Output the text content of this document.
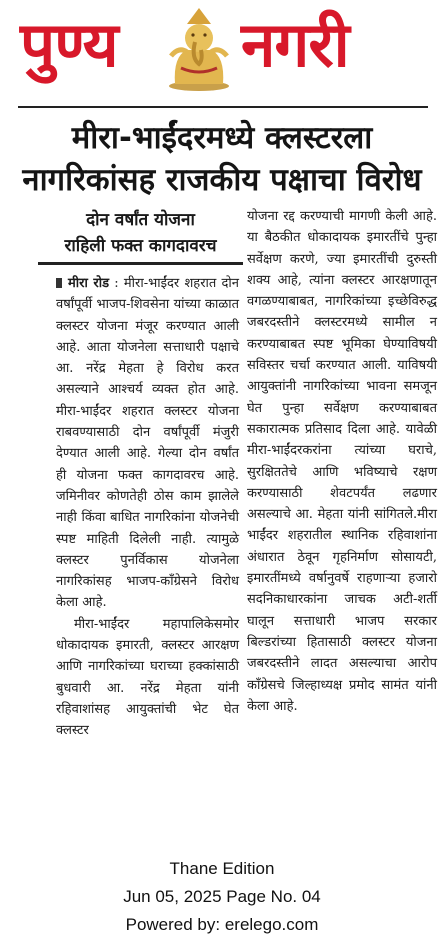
पुण्य नगरी
मीरा-भाईंदरमध्ये क्लस्टरला
नागरिकांसह राजकीय पक्षाचा विरोध
दोन वर्षांत योजना
राहिली फक्त कागदावरच

मीरा रोड : मीरा-भाईंदर शहरात दोन वर्षांपूर्वी भाजप-शिवसेना यांच्या काळात क्लस्टर योजना मंजूर करण्यात आली आहे. आता योजनेला सत्ताधारी पक्षाचे आ. नरेंद्र मेहता हे विरोध करत असल्याने आश्चर्य व्यक्त होत आहे. मीरा-भाईंदर शहरात क्लस्टर योजना राबवण्यासाठी दोन वर्षांपूर्वी मंजुरी देण्यात आली आहे. गेल्या दोन वर्षांत ही योजना फक्त कागदावरच आहे. जमिनीवर कोणतेही ठोस काम झालेले नाही किंवा बाधित नागरिकांना योजनेची स्पष्ट माहिती दिलेली नाही. त्यामुळे क्लस्टर पुनर्विकास योजनेला नागरिकांसह भाजप-काँग्रेसने विरोध केला आहे.

मीरा-भाईंदर महापालिकेसमोर धोकादायक इमारती, क्लस्टर आरक्षण आणि नागरिकांच्या घराच्या हक्कांसाठी बुधवारी आ. नरेंद्र मेहता यांनी रहिवाशांसह आयुक्तांची भेट घेत क्लस्टर

योजना रद्द करण्याची मागणी केली आहे. या बैठकीत धोकादायक इमारतींचे पुन्हा सर्वेक्षण करणे, ज्या इमारतींची दुरुस्ती शक्य आहे, त्यांना क्लस्टर आरक्षणातून वगळण्याबाबत, नागरिकांच्या इच्छेविरुद्ध जबरदस्तीने क्लस्टरमध्ये सामील न करण्याबाबत स्पष्ट भूमिका घेण्याविषयी सविस्तर चर्चा करण्यात आली. याविषयी आयुक्तांनी नागरिकांच्या भावना समजून घेत पुन्हा सर्वेक्षण करण्याबाबत सकारात्मक प्रतिसाद दिला आहे. यावेळी मीरा-भाईंदरकरांना त्यांच्या घराचे, सुरक्षिततेचे आणि भविष्याचे रक्षण करण्यासाठी शेवटपर्यंत लढणार असल्याचे आ. मेहता यांनी सांगितले.मीरा भाईंदर शहरातील स्थानिक रहिवाशांना अंधारात ठेवून गृहनिर्माण सोसायटी, इमारतींमध्ये वर्षानुवर्षे राहणाऱ्या हजारो सदनिकाधारकांना जाचक अटी-शर्ती घालून सत्ताधारी भाजप सरकार बिल्डरांच्या हितासाठी क्लस्टर योजना जबरदस्तीने लादत असल्याचा आरोप काँग्रेसचे जिल्हाध्यक्ष प्रमोद सामंत यांनी केला आहे.
Thane Edition
Jun 05, 2025 Page No. 04
Powered by: erelego.com
